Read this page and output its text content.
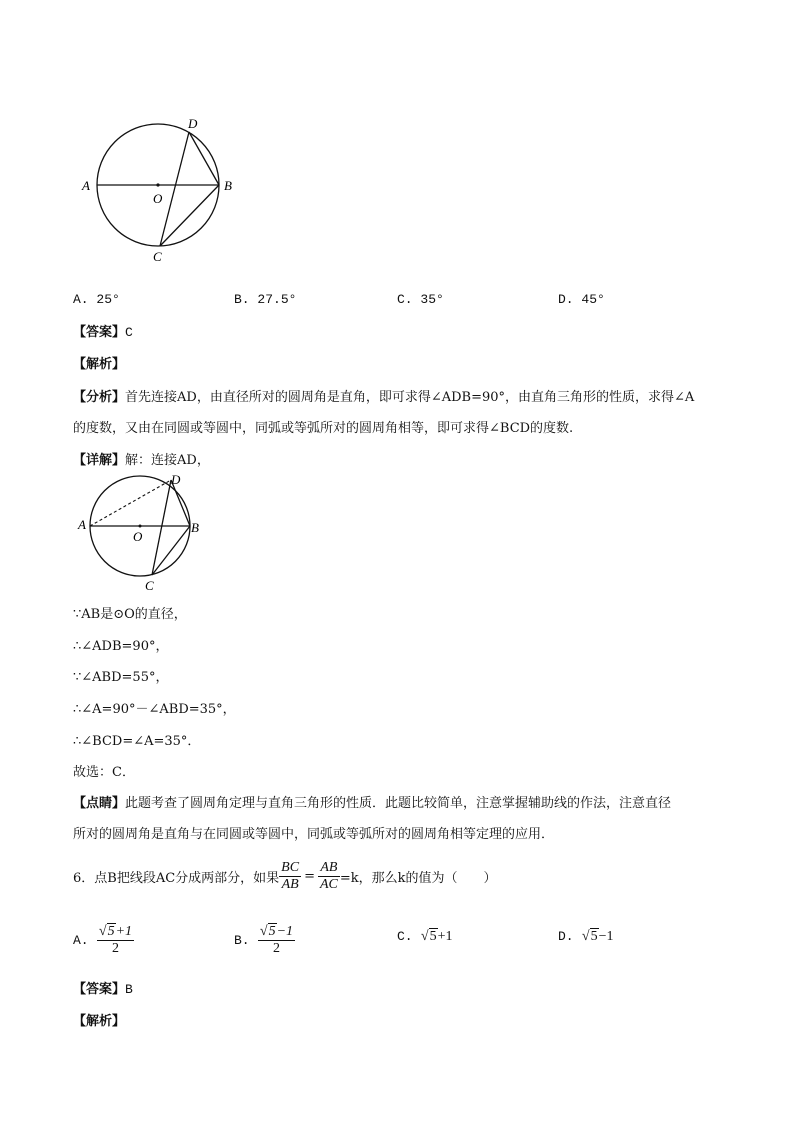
A	B
C
D
O
A. 25°	B. 27.5°	C. 35°	D. 45°
【答案】C
【解析】
【分析】首先连接AD，由直径所对的圆周角是直角，即可求得∠ADB=90°，由直角三角形的性质，求得∠A
的度数，又由在同圆或等圆中，同弧或等弧所对的圆周角相等，即可求得∠BCD的度数.
【详解】解：连接AD，
A	B
C
D
O
∵AB是⊙O的直径，
∴∠ADB=90°，
∵∠ABD=55°，
∴∠A=90°－∠ABD=35°，
∴∠BCD=∠A=35°．
故选：C．
【点睛】此题考查了圆周角定理与直角三角形的性质．此题比较简单，注意掌握辅助线的作法，注意直径
所对的圆周角是直角与在同圆或等圆中，同弧或等弧所对的圆周角相等定理的应用．
6．点B把线段AC分成两部分，如果 $\frac{BC}{AB} = \frac{AB}{AC} =k$，那么k的值为（　　）
A.
$\frac{√5+1}{2}$	B.
$\frac{√5-1}{2}$	C. √5+1	D. √5−1
【答案】B
【解析】
